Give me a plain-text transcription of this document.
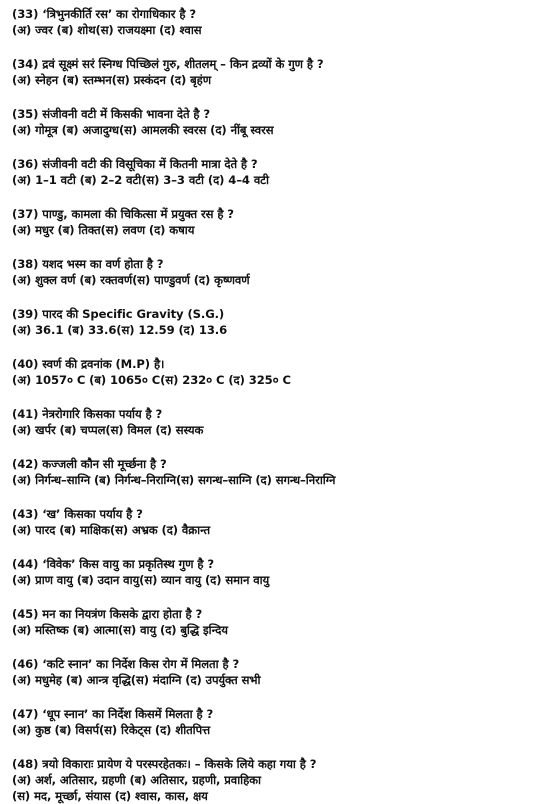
(33) ‘त्रिभुनकीर्ति रस’ का रोगाधिकार है ?
(अ) ज्वर (ब) शोथ(स) राजयक्ष्मा (द) श्वास
(34) द्रवं सूक्ष्मं सरं स्निग्ध पिच्छिलं गुरु, शीतलम् – किन द्रव्यों के गुण है ?
(अ) स्नेहन (ब) स्तम्भन(स) प्रस्कंदन (द) बृहंण
(35) संजीवनी वटी में किसकी भावना देते है ?
(अ) गोमूत्र (ब) अजादुग्ध(स) आमलकी स्वरस (द) नींबू स्वरस
(36) संजीवनी वटी की विसूचिका में कितनी मात्रा देते है ?
(अ) 1–1 वटी (ब) 2–2 वटी(स) 3–3 वटी (द) 4–4 वटी
(37) पाण्डु, कामला की चिकित्सा में प्रयुक्त रस है ?
(अ) मधुर (ब) तिक्त(स) लवण (द) कषाय
(38) यशद भस्म का वर्ण होता है ?
(अ) शुक्ल वर्ण (ब) रक्तवर्ण(स) पाण्डुवर्ण (द) कृष्णवर्ण
(39) पारद की Specific Gravity (S.G.)
(अ) 36.1 (ब) 33.6(स) 12.59 (द) 13.6
(40) स्वर्ण की द्रवनांक (M.P) है।
(अ) 1057० C (ब) 1065० C(स) 232० C (द) 325० C
(41) नेत्ररोगारि किसका पर्याय है ?
(अ) खर्पर (ब) चप्पल(स) विमल (द) सस्यक
(42) कज्जली कौन सी मूर्च्छना है ?
(अ) निर्गन्ध–साग्नि (ब) निर्गन्ध–निराग्नि(स) सगन्ध–साग्नि (द) सगन्ध–निराग्नि
(43) ‘ख’ किसका पर्याय है ?
(अ) पारद (ब) माक्षिक(स) अभ्रक (द) वैक्रान्त
(44) ‘विवेक’ किस वायु का प्रकृतिस्थ गुण है ?
(अ) प्राण वायु (ब) उदान वायु(स) व्यान वायु (द) समान वायु
(45) मन का नियत्रंण किसके द्वारा होता है ?
(अ) मस्तिष्क (ब) आत्मा(स) वायु (द) बुद्धि इन्दिय
(46) ‘कटि स्नान’ का निर्देश किस रोग में मिलता है ?
(अ) मधुमेह (ब) आन्त्र वृद्धि(स) मंदाग्नि (द) उपर्युक्त सभी
(47) ‘धूप स्नान’ का निर्देश किसमें मिलता है ?
(अ) कुष्ठ (ब) विसर्प(स) रिकेट्स (द) शीतपित्त
(48) त्रयो विकाराः प्रायेण ये परस्परहेतकः। – किसके लिये कहा गया है ?
(अ) अर्श, अतिसार, ग्रहणी (ब) अतिसार, ग्रहणी, प्रवाहिका
(स) मद, मूर्च्छा, संयास (द) श्वास, कास, क्षय
